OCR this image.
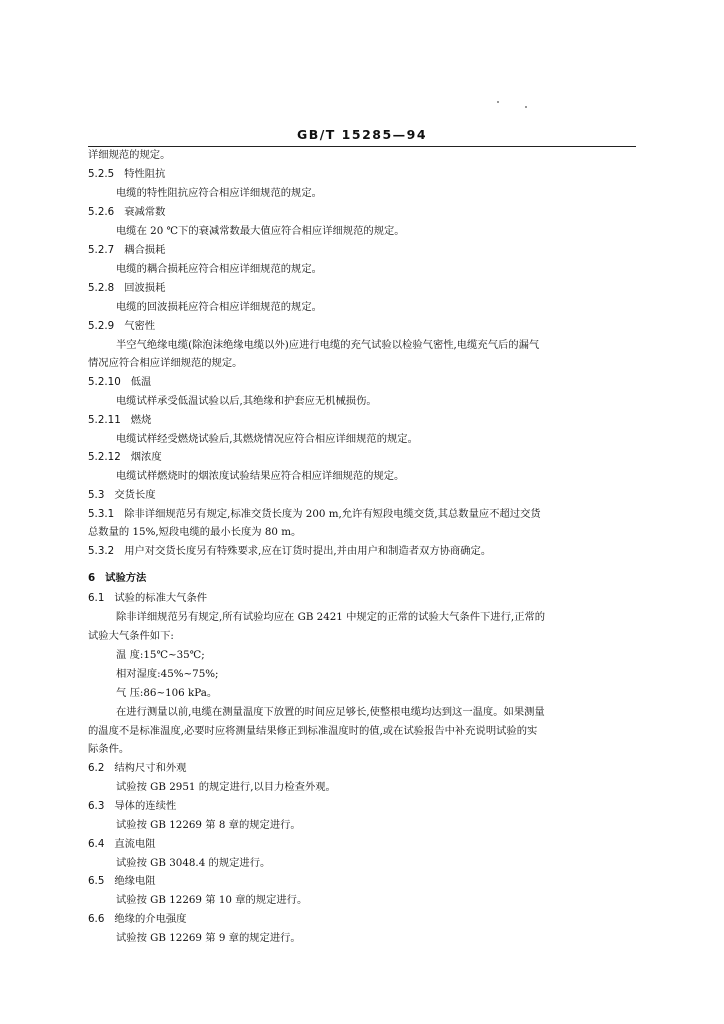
GB/T 15285—94
详细规范的规定。
5.2.5 特性阻抗
电缆的特性阻抗应符合相应详细规范的规定。
5.2.6 衰减常数
电缆在 20 ℃下的衰减常数最大值应符合相应详细规范的规定。
5.2.7 耦合损耗
电缆的耦合损耗应符合相应详细规范的规定。
5.2.8 回波损耗
电缆的回波损耗应符合相应详细规范的规定。
5.2.9 气密性
半空气绝缘电缆(除泡沫绝缘电缆以外)应进行电缆的充气试验以检验气密性,电缆充气后的漏气
情况应符合相应详细规范的规定。
5.2.10 低温
电缆试样承受低温试验以后,其绝缘和护套应无机械损伤。
5.2.11 燃烧
电缆试样经受燃烧试验后,其燃烧情况应符合相应详细规范的规定。
5.2.12 烟浓度
电缆试样燃烧时的烟浓度试验结果应符合相应详细规范的规定。
5.3 交货长度
5.3.1 除非详细规范另有规定,标准交货长度为 200 m,允许有短段电缆交货,其总数量应不超过交货
总数量的 15%,短段电缆的最小长度为 80 m。
5.3.2 用户对交货长度另有特殊要求,应在订货时提出,并由用户和制造者双方协商确定。
6 试验方法
6.1 试验的标准大气条件
除非详细规范另有规定,所有试验均应在 GB 2421 中规定的正常的试验大气条件下进行,正常的
试验大气条件如下:
温 度:15℃~35℃;
相对湿度:45%~75%;
气 压:86~106 kPa。
在进行测量以前,电缆在测量温度下放置的时间应足够长,使整根电缆均达到这一温度。如果测量
的温度不是标准温度,必要时应将测量结果修正到标准温度时的值,或在试验报告中补充说明试验的实
际条件。
6.2 结构尺寸和外观
试验按 GB 2951 的规定进行,以目力检查外观。
6.3 导体的连续性
试验按 GB 12269 第 8 章的规定进行。
6.4 直流电阻
试验按 GB 3048.4 的规定进行。
6.5 绝缘电阻
试验按 GB 12269 第 10 章的规定进行。
6.6 绝缘的介电强度
试验按 GB 12269 第 9 章的规定进行。
